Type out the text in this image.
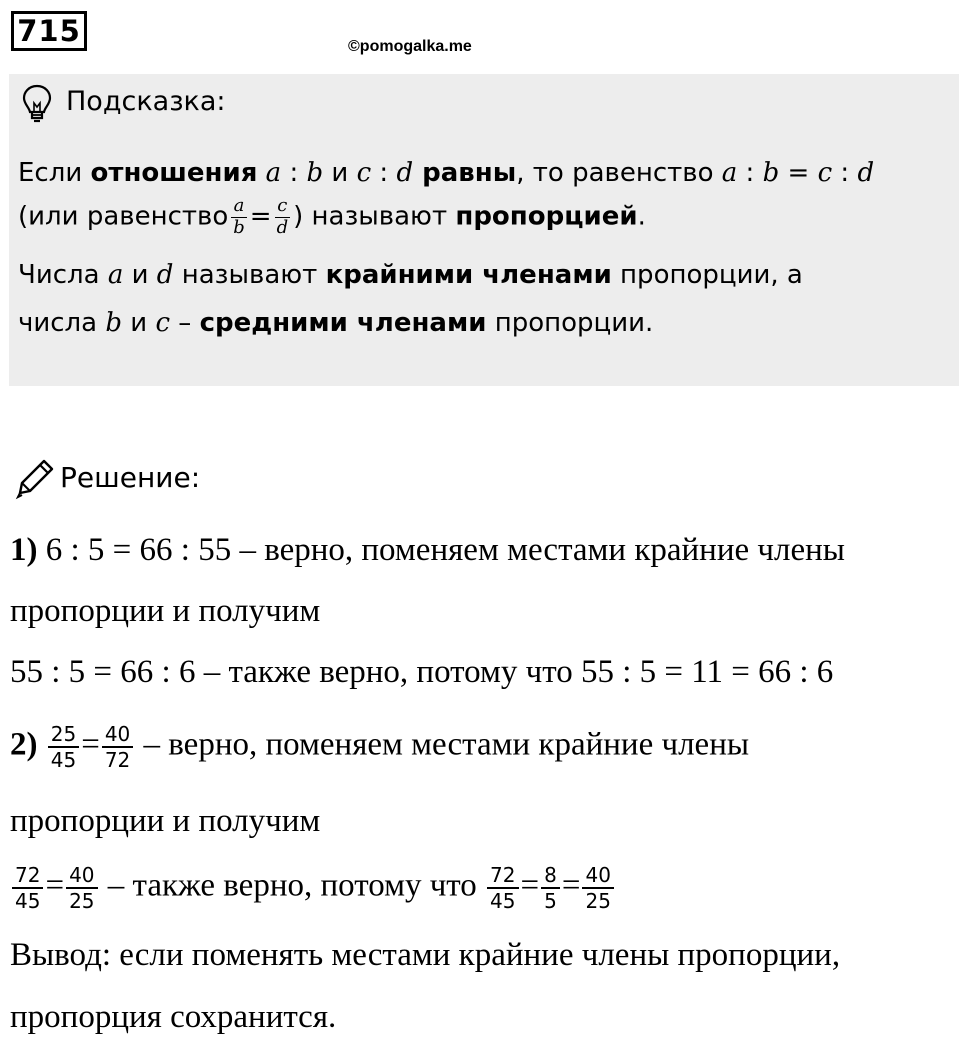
715	©pomogalka.me
Подсказка:
Если отношения a : b и c : d равны, то равенство a : b = c : d
(или равенство $\frac{a}{b} = \frac{c}{d}$ ) называют пропорцией.
Числа a и d называют крайними членами пропорции, а
числа b и c – средними членами пропорции.
Решение:
1) 6 : 5 = 66 : 55 – верно, поменяем местами крайние члены
пропорции и получим
55 : 5 = 66 : 6 – также верно, потому что 55 : 5 = 11 = 66 : 6
$2) \frac{25}{45} = \frac{40}{72}$ – верно, поменяем местами крайние члены
пропорции и получим
$\frac{72}{45} = \frac{40}{25}$ – также верно, потому что $\frac{72}{45} = \frac{8}{5} = \frac{40}{25}$
Вывод: если поменять местами крайние члены пропорции,
пропорция сохранится.
